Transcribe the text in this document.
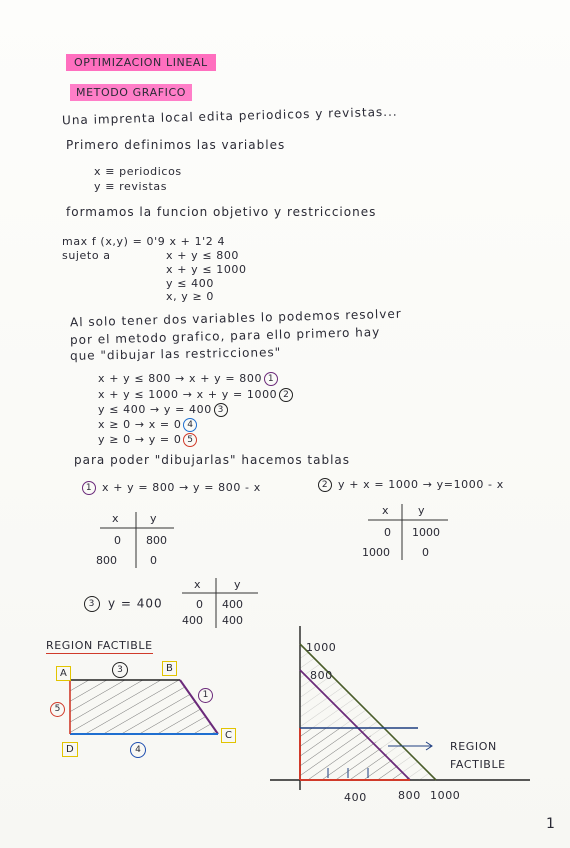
OPTIMIZACION LINEAL
METODO GRAFICO
Una imprenta local edita periodicos y revistas...
Primero definimos las variables
x ≡ periodicos
y ≡ revistas
formamos la funcion objetivo y restricciones
max f (x,y) = 0'9 x + 1'2 4
sujeto a	x + y ≤ 800
x + y ≤ 1000
y ≤ 400
x, y ≥ 0
Al solo tener dos variables lo podemos resolver
por el metodo grafico, para ello primero hay
que "dibujar las restricciones"
x + y ≤ 800 → x + y = 800 1
x + y ≤ 1000 → x + y = 1000 2
y ≤ 400 → y = 400 3
x ≥ 0 → x = 0 4
y ≥ 0 → y = 0 5
para poder "dibujarlas" hacemos tablas
1 x + y = 800 → y = 800 - x	2 y + x = 1000 → y=1000 - x
x	y
0 800
800	0
x	y
0 1000
1000	0
3 y = 400
x	y
0 400
400 400
REGION FACTIBLE
A	B
C
D
3
1
5
4
1000
800
400	800 1000
REGION
FACTIBLE
1
